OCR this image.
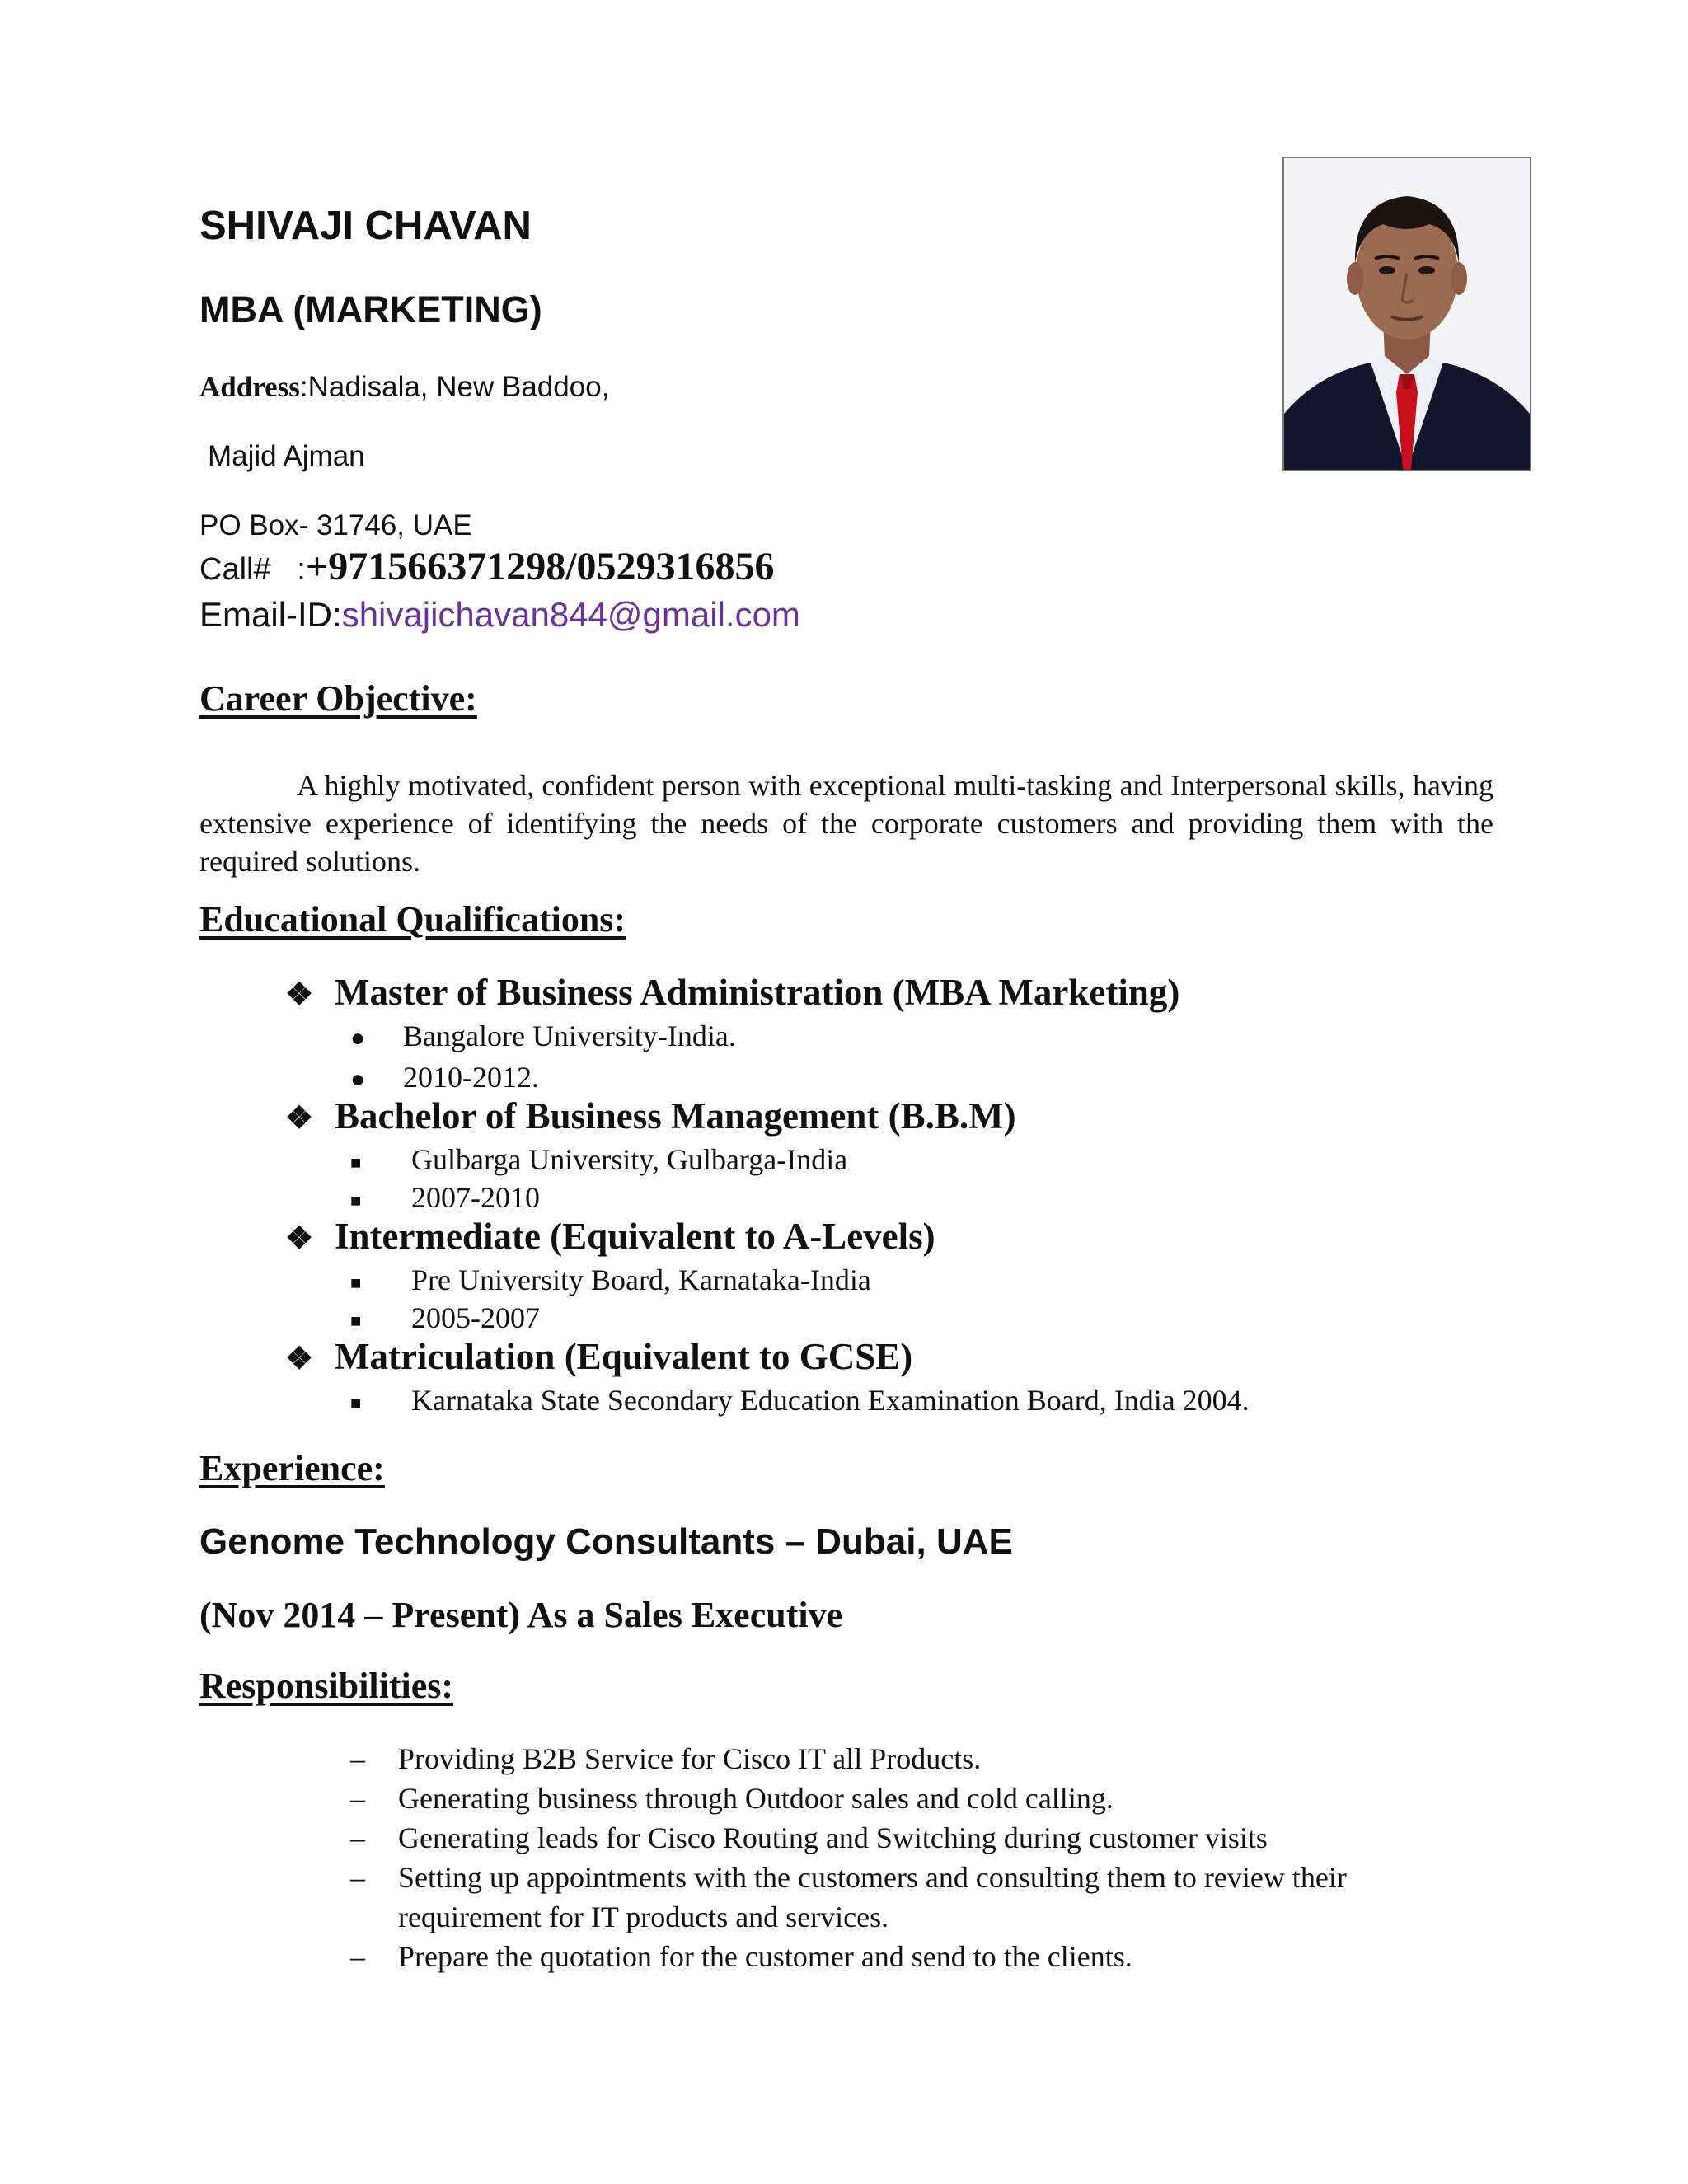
SHIVAJI CHAVAN
MBA (MARKETING)
Address:Nadisala, New Baddoo,
Majid Ajman
PO Box- 31746, UAE
Call# :+971566371298/0529316856
Email-ID:shivajichavan844@gmail.com
Career Objective:

A highly motivated, confident person with exceptional multi-tasking and Interpersonal skills, having extensive experience of identifying the needs of the corporate customers and providing them with the required solutions.

Educational Qualifications:
❖ Master of Business Administration (MBA Marketing)
● Bangalore University-India.
● 2010-2012.
❖ Bachelor of Business Management (B.B.M)
■ Gulbarga University, Gulbarga-India
■ 2007-2010
❖ Intermediate (Equivalent to A-Levels)
■ Pre University Board, Karnataka-India
■ 2005-2007
❖ Matriculation (Equivalent to GCSE)
■ Karnataka State Secondary Education Examination Board, India 2004.
Experience:
Genome Technology Consultants – Dubai, UAE
(Nov 2014 – Present) As a Sales Executive
Responsibilities:
– Providing B2B Service for Cisco IT all Products.
– Generating business through Outdoor sales and cold calling.
– Generating leads for Cisco Routing and Switching during customer visits
– Setting up appointments with the customers and consulting them to review their requirement for IT products and services.
– Prepare the quotation for the customer and send to the clients.
